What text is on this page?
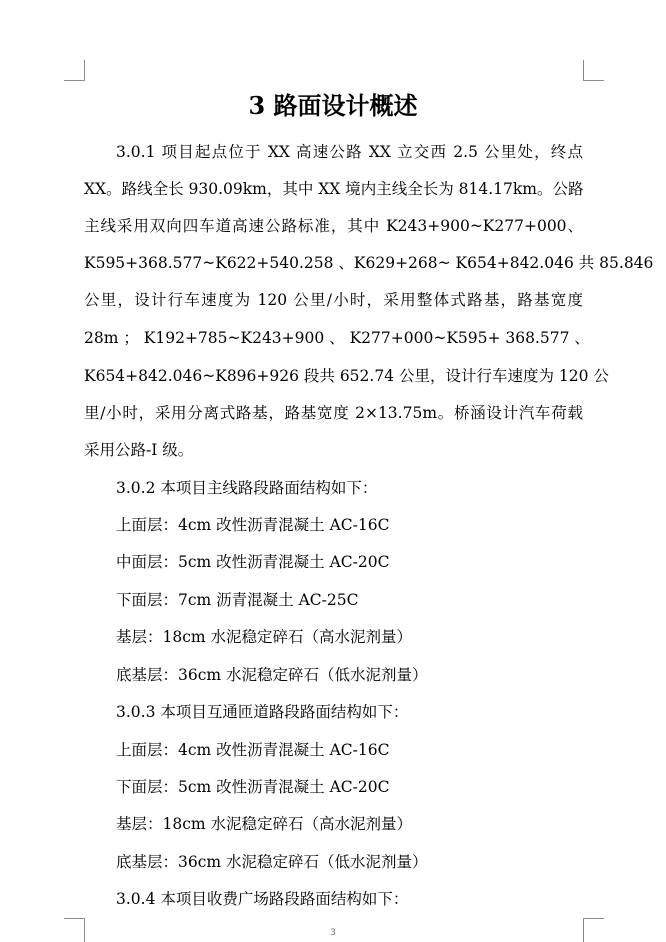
3 路面设计概述

3.0.1 项目起点位于 XX 高速公路 XX 立交西 2.5 公里处，终点

XX。路线全长 930.09km，其中 XX 境内主线全长为 814.17km。公路

主线采用双向四车道高速公路标准，其中 K243+900~K277+000、

K595+368.577~K622+540.258 、K629+268~ K654+842.046 共 85.846

公里，设计行车速度为 120 公里/小时，采用整体式路基，路基宽度

28m ； K192+785~K243+900 、 K277+000~K595+ 368.577 、

K654+842.046~K896+926 段共 652.74 公里，设计行车速度为 120 公

里/小时，采用分离式路基，路基宽度 2×13.75m。桥涵设计汽车荷载

采用公路-I 级。

3.0.2 本项目主线路段路面结构如下：

上面层：4cm 改性沥青混凝土 AC-16C

中面层：5cm 改性沥青混凝土 AC-20C

下面层：7cm 沥青混凝土 AC-25C

基层：18cm 水泥稳定碎石（高水泥剂量）

底基层：36cm 水泥稳定碎石（低水泥剂量）

3.0.3 本项目互通匝道路段路面结构如下：

上面层：4cm 改性沥青混凝土 AC-16C

下面层：5cm 改性沥青混凝土 AC-20C

基层：18cm 水泥稳定碎石（高水泥剂量）

底基层：36cm 水泥稳定碎石（低水泥剂量）

3.0.4 本项目收费广场路段路面结构如下：

3
